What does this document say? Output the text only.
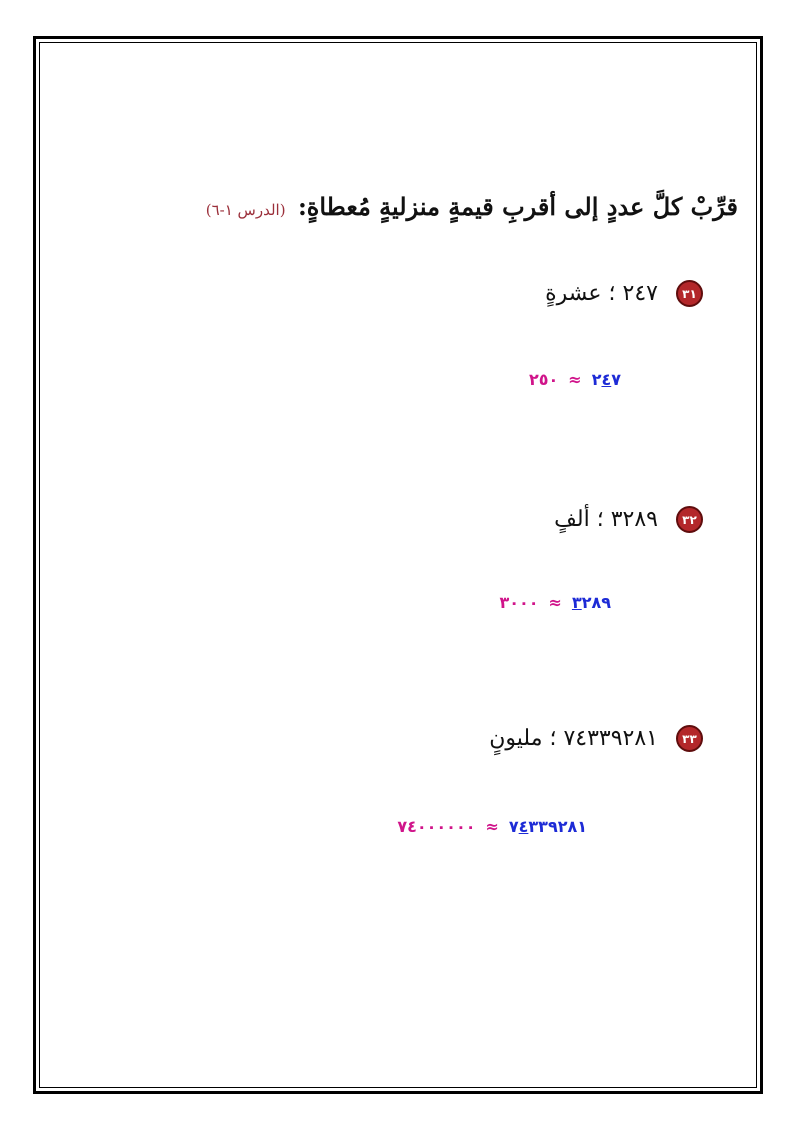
قرِّبْ كلَّ عددٍ إلى أقربِ قيمةٍ منزليةٍ مُعطاةٍ: (الدرس ١-٦)
٣١
٢٤٧ ؛ عشرةٍ
٢٤٧
≈
٢٥٠
٣٢
٣٢٨٩ ؛ ألفٍ
٣٢٨٩
≈
٣٠٠٠
٣٣
٧٤٣٣٩٢٨١ ؛ مليونٍ
٧٤٣٣٩٢٨١
≈
٧٤٠٠٠٠٠٠
